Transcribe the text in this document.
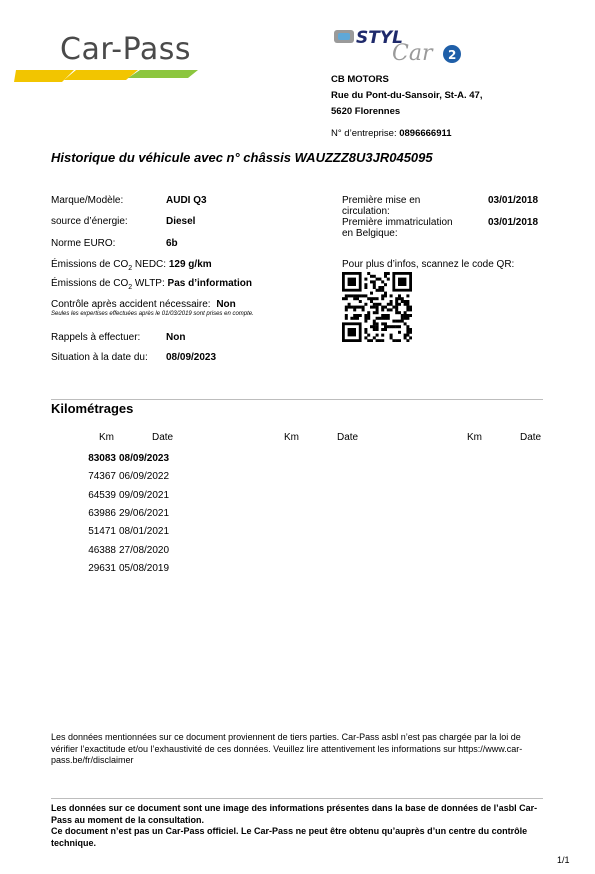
Car-Pass	STYL
Car 2
CB MOTORS
Rue du Pont-du-Sansoir, St-A. 47,
5620 Florennes
N° d’entreprise: 0896666911
Historique du véhicule avec n° châssis WAUZZZ8U3JR045095
Marque/Modèle:	AUDI Q3
source d’énergie:	Diesel
Norme EURO:	6b
Émissions de $CO_2$ NEDC: 129 g/km
Émissions de $CO_2$ WLTP: Pas d’information
Contrôle après accident nécessaire: Non
Seules les expertises effectuées après le 01/03/2019 sont prises en compte.
Rappels à effectuer:	Non
Situation à la date du: 08/09/2023
Première mise en
circulation:
03/01/2018
Première immatriculation
en Belgique:
03/01/2018
Pour plus d’infos, scannez le code QR:
Kilométrages
Km	Date	Km	Date	Km	Date
83083 08/09/2023
74367 06/09/2022
64539 09/09/2021
63986 29/06/2021
51471 08/01/2021
46388 27/08/2020
29631 05/08/2019
Les données mentionnées sur ce document proviennent de tiers parties. Car-Pass asbl n’est pas chargée par la loi de vérifier l’exactitude et/ou l’exhaustivité de ces données. Veuillez lire attentivement les informations sur https://www.car-pass.be/fr/disclaimer
Les données sur ce document sont une image des informations présentes dans la base de données de l’asbl Car-Pass au moment de la consultation.
Ce document n’est pas un Car-Pass officiel. Le Car-Pass ne peut être obtenu qu’auprès d’un centre du contrôle technique.
1/1
